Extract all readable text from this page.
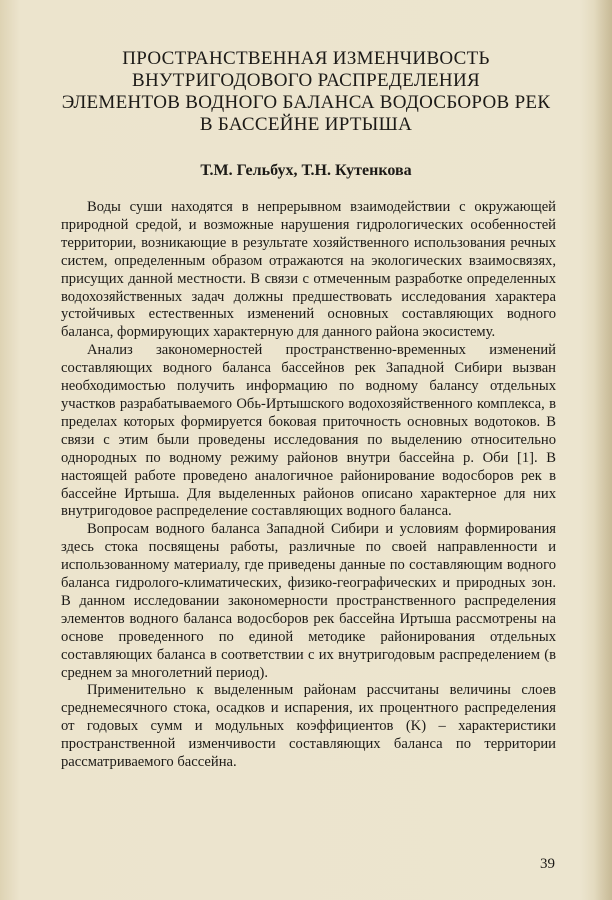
ПРОСТРАНСТВЕННАЯ ИЗМЕНЧИВОСТЬ
ВНУТРИГОДОВОГО РАСПРЕДЕЛЕНИЯ
ЭЛЕМЕНТОВ ВОДНОГО БАЛАНСА ВОДОСБОРОВ РЕК
В БАССЕЙНЕ ИРТЫША

Т.М. Гельбух, Т.Н. Кутенкова

Воды суши находятся в непрерывном взаимодействии с окружающей природной средой, и возможные нарушения гидрологических особенностей территории, возникающие в результате хозяйственного использования речных систем, определенным образом отражаются на экологических взаимосвязях, присущих данной местности. В связи с отмеченным разработке определенных водохозяйственных задач должны предшествовать исследования характера устойчивых естественных изменений основных составляющих водного баланса, формирующих характерную для данного района экосистему.

Анализ закономерностей пространственно-временных изменений составляющих водного баланса бассейнов рек Западной Сибири вызван необходимостью получить информацию по водному балансу отдельных участков разрабатываемого Обь-Иртышского водохозяйственного комплекса, в пределах которых формируется боковая приточность основных водотоков. В связи с этим были проведены исследования по выделению относительно однородных по водному режиму районов внутри бассейна р. Оби [1]. В настоящей работе проведено аналогичное районирование водосборов рек в бассейне Иртыша. Для выделенных районов описано характерное для них внутригодовое распределение составляющих водного баланса.

Вопросам водного баланса Западной Сибири и условиям формирования здесь стока посвящены работы, различные по своей направленности и использованному материалу, где приведены данные по составляющим водного баланса гидролого-климатических, физико-географических и природных зон. В данном исследовании закономерности пространственного распределения элементов водного баланса водосборов рек бассейна Иртыша рассмотрены на основе проведенного по единой методике районирования отдельных составляющих баланса в соответствии с их внутригодовым распределением (в среднем за многолетний период).

Применительно к выделенным районам рассчитаны величины слоев среднемесячного стока, осадков и испарения, их процентного распределения от годовых сумм и модульных коэффициентов (K) – характеристики пространственной изменчивости составляющих баланса по территории рассматриваемого бассейна.

39
